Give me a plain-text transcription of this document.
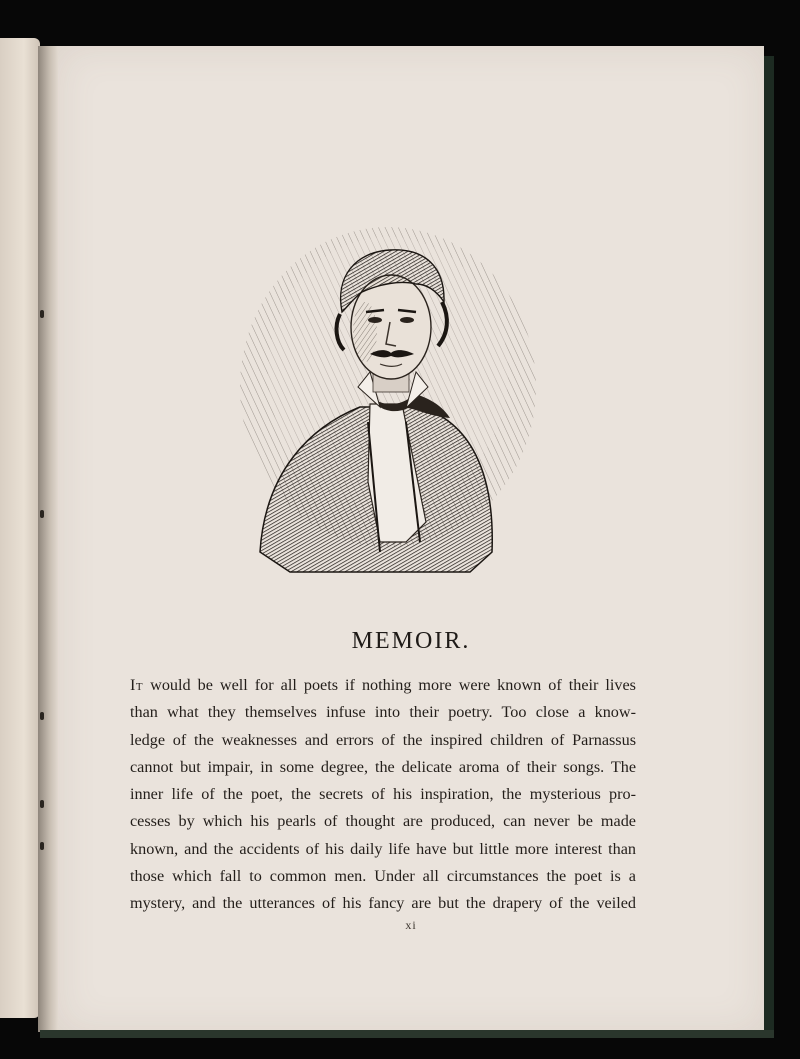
MEMOIR.
It would be well for all poets if nothing more were known of their lives
than what they themselves infuse into their poetry. Too close a know-
ledge of the weaknesses and errors of the inspired children of Parnassus
cannot but impair, in some degree, the delicate aroma of their songs. The
inner life of the poet, the secrets of his inspiration, the mysterious pro-
cesses by which his pearls of thought are produced, can never be made
known, and the accidents of his daily life have but little more interest than
those which fall to common men. Under all circumstances the poet is a
mystery, and the utterances of his fancy are but the drapery of the veiled
xi
